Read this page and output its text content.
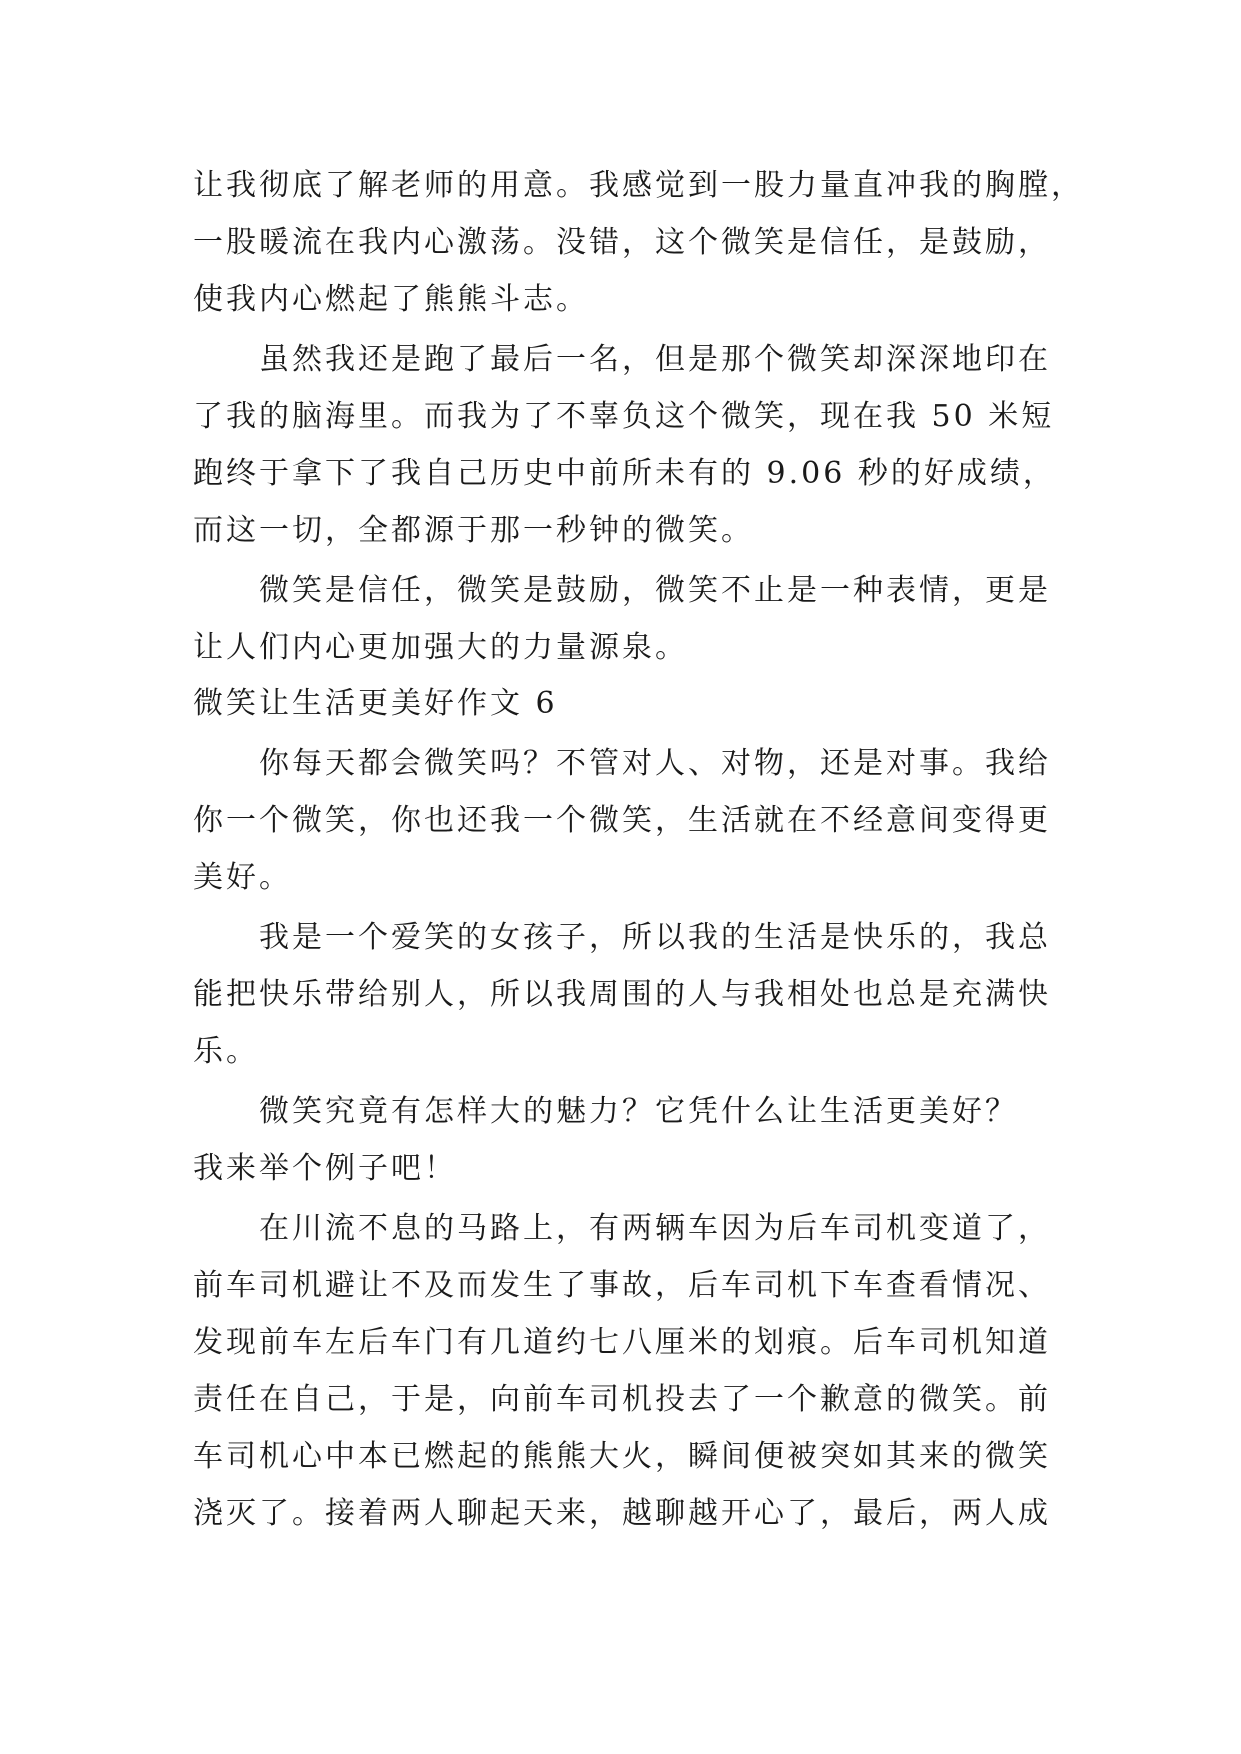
让我彻底了解老师的用意。我感觉到一股力量直冲我的胸膛，
一股暖流在我内心激荡。没错，这个微笑是信任，是鼓励，
使我内心燃起了熊熊斗志。
虽然我还是跑了最后一名，但是那个微笑却深深地印在
了我的脑海里。而我为了不辜负这个微笑，现在我 50 米短
跑终于拿下了我自己历史中前所未有的 9.06 秒的好成绩，
而这一切，全都源于那一秒钟的微笑。
微笑是信任，微笑是鼓励，微笑不止是一种表情，更是
让人们内心更加强大的力量源泉。
微笑让生活更美好作文 6
你每天都会微笑吗？不管对人、对物，还是对事。我给
你一个微笑，你也还我一个微笑，生活就在不经意间变得更
美好。
我是一个爱笑的女孩子，所以我的生活是快乐的，我总
能把快乐带给别人，所以我周围的人与我相处也总是充满快
乐。
微笑究竟有怎样大的魅力？它凭什么让生活更美好？
我来举个例子吧！
在川流不息的马路上，有两辆车因为后车司机变道了，
前车司机避让不及而发生了事故，后车司机下车查看情况、
发现前车左后车门有几道约七八厘米的划痕。后车司机知道
责任在自己，于是，向前车司机投去了一个歉意的微笑。前
车司机心中本已燃起的熊熊大火，瞬间便被突如其来的微笑
浇灭了。接着两人聊起天来，越聊越开心了，最后，两人成
